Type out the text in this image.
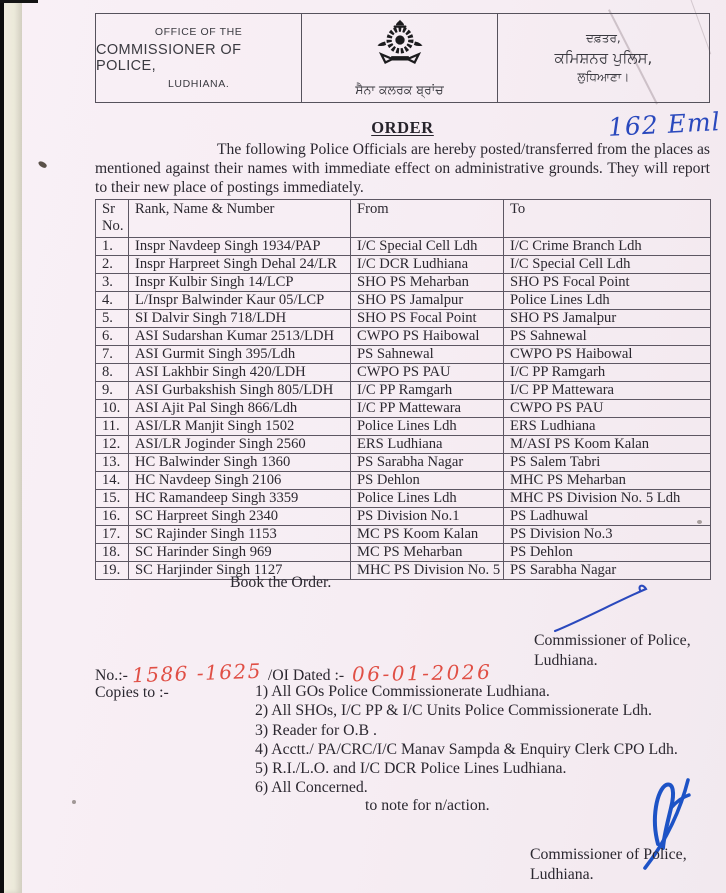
OFFICE OF THE
COMMISSIONER OF POLICE,
LUDHIANA.	ਸੈਨਾ ਕਲਰਕ ਬ੍ਰਾਂਚ
ਦਫ਼ਤਰ,
ਕਮਿਸ਼ਨਰ ਪੁਲਿਸ,
ਲੁਧਿਆਣਾ।
ORDER	162 Eml

The following Police Officials are hereby posted/transferred from the places as mentioned against their names with immediate effect on administrative grounds. They will report to their new place of postings immediately.

Sr No.	Rank, Name & Number	From	To
1.	Inspr Navdeep Singh 1934/PAP	I/C Special Cell Ldh	I/C Crime Branch Ldh
2.	Inspr Harpreet Singh Dehal 24/LR	I/C DCR Ludhiana	I/C Special Cell Ldh
3.	Inspr Kulbir Singh 14/LCP	SHO PS Meharban	SHO PS Focal Point
4.	L/Inspr Balwinder Kaur 05/LCP	SHO PS Jamalpur	Police Lines Ldh
5.	SI Dalvir Singh 718/LDH	SHO PS Focal Point	SHO PS Jamalpur
6.	ASI Sudarshan Kumar 2513/LDH	CWPO PS Haibowal	PS Sahnewal
7.	ASI Gurmit Singh 395/Ldh	PS Sahnewal	CWPO PS Haibowal
8.	ASI Lakhbir Singh 420/LDH	CWPO PS PAU	I/C PP Ramgarh
9.	ASI Gurbakshish Singh 805/LDH	I/C PP Ramgarh	I/C PP Mattewara
10.	ASI Ajit Pal Singh 866/Ldh	I/C PP Mattewara	CWPO PS PAU
11.	ASI/LR Manjit Singh 1502	Police Lines Ldh	ERS Ludhiana
12.	ASI/LR Joginder Singh 2560	ERS Ludhiana	M/ASI PS Koom Kalan
13.	HC Balwinder Singh 1360	PS Sarabha Nagar	PS Salem Tabri
14.	HC Navdeep Singh 2106	PS Dehlon	MHC PS Meharban
15.	HC Ramandeep Singh 3359	Police Lines Ldh	MHC PS Division No. 5 Ldh
16.	SC Harpreet Singh 2340	PS Division No.1	PS Ladhuwal
17.	SC Rajinder Singh 1153	MC PS Koom Kalan	PS Division No.3
18.	SC Harinder Singh 969	MC PS Meharban	PS Dehlon
19.	SC Harjinder Singh 1127	MHC PS Division No. 5	PS Sarabha Nagar
Book the Order.
Commissioner of Police,
Ludhiana.
No.:- 1586 -1625 /OI Dated :- 06-01-2026
Copies to :-	1) All GOs Police Commissionerate Ludhiana.
2) All SHOs, I/C PP & I/C Units Police Commissionerate Ldh.
3) Reader for O.B .
4) Acctt./ PA/CRC/I/C Manav Sampda & Enquiry Clerk CPO Ldh.
5) R.I./L.O. and I/C DCR Police Lines Ludhiana.
6) All Concerned.
to note for n/action.
Commissioner of Police,
Ludhiana.
